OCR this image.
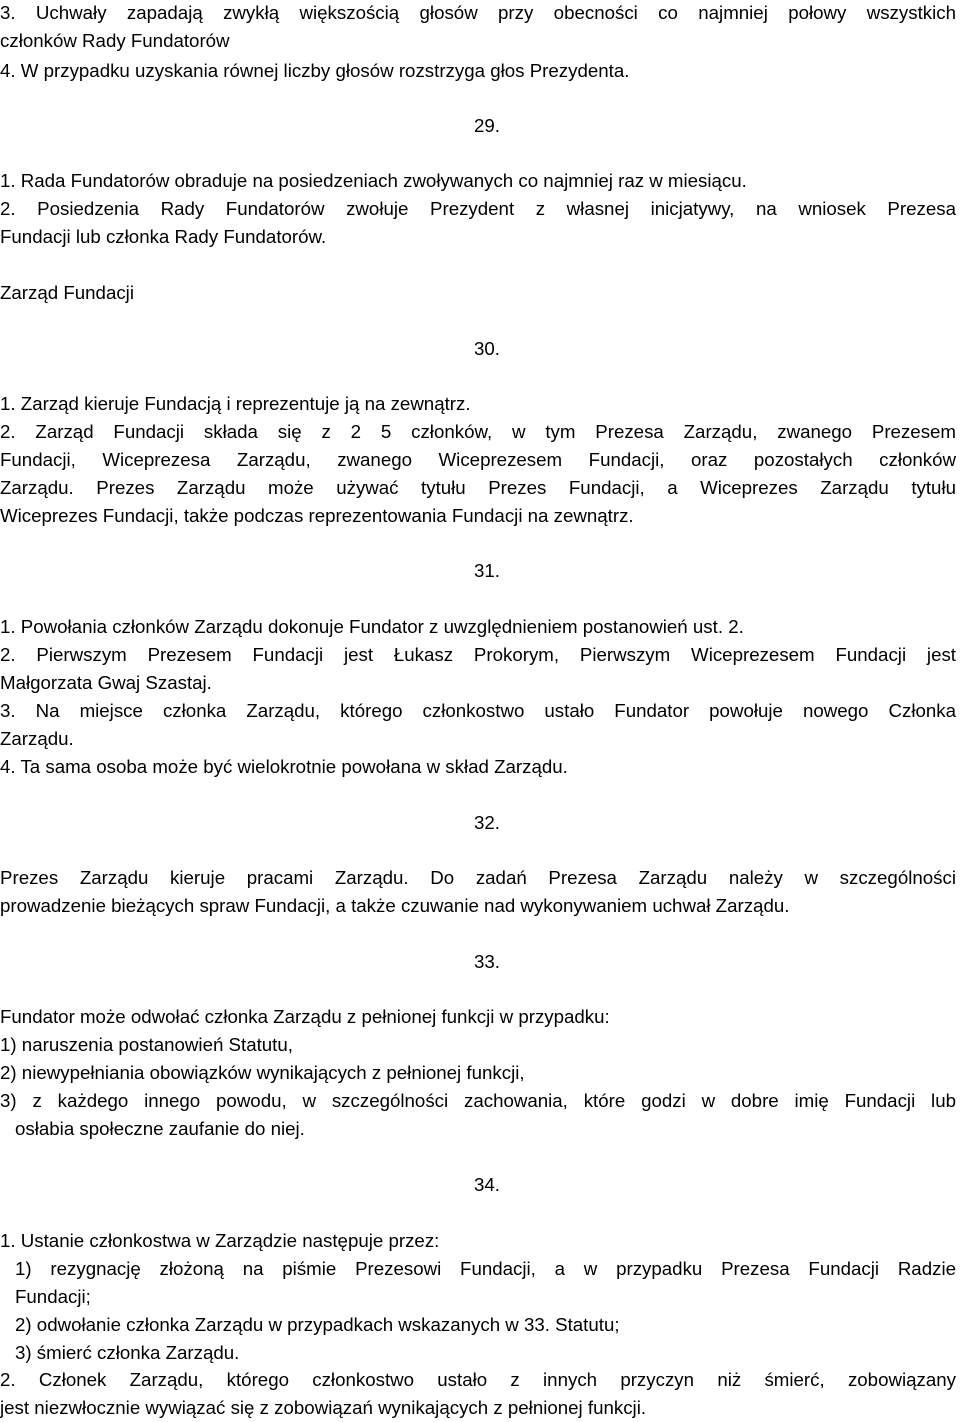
3. Uchwały zapadają zwykłą większością głosów przy obecności co najmniej połowy wszystkich
członków Rady Fundatorów
4. W przypadku uzyskania równej liczby głosów rozstrzyga głos Prezydenta.
29.
1. Rada Fundatorów obraduje na posiedzeniach zwoływanych co najmniej raz w miesiącu.
2. Posiedzenia Rady Fundatorów zwołuje Prezydent z własnej inicjatywy, na wniosek Prezesa
Fundacji lub członka Rady Fundatorów.
Zarząd Fundacji
30.
1. Zarząd kieruje Fundacją i reprezentuje ją na zewnątrz.
2. Zarząd Fundacji składa się z 2 5 członków, w tym Prezesa Zarządu, zwanego Prezesem
Fundacji, Wiceprezesa Zarządu, zwanego Wiceprezesem Fundacji, oraz pozostałych członków
Zarządu. Prezes Zarządu może używać tytułu Prezes Fundacji, a Wiceprezes Zarządu tytułu
Wiceprezes Fundacji, także podczas reprezentowania Fundacji na zewnątrz.
31.
1. Powołania członków Zarządu dokonuje Fundator z uwzględnieniem postanowień ust. 2.
2. Pierwszym Prezesem Fundacji jest Łukasz Prokorym, Pierwszym Wiceprezesem Fundacji jest
Małgorzata Gwaj Szastaj.
3. Na miejsce członka Zarządu, którego członkostwo ustało Fundator powołuje nowego Członka
Zarządu.
4. Ta sama osoba może być wielokrotnie powołana w skład Zarządu.
32.
Prezes Zarządu kieruje pracami Zarządu. Do zadań Prezesa Zarządu należy w szczególności
prowadzenie bieżących spraw Fundacji, a także czuwanie nad wykonywaniem uchwał Zarządu.
33.
Fundator może odwołać członka Zarządu z pełnionej funkcji w przypadku:
1) naruszenia postanowień Statutu,
2) niewypełniania obowiązków wynikających z pełnionej funkcji,
3) z każdego innego powodu, w szczególności zachowania, które godzi w dobre imię Fundacji lub
osłabia społeczne zaufanie do niej.
34.
1. Ustanie członkostwa w Zarządzie następuje przez:
1) rezygnację złożoną na piśmie Prezesowi Fundacji, a w przypadku Prezesa Fundacji Radzie
Fundacji;
2) odwołanie członka Zarządu w przypadkach wskazanych w 33. Statutu;
3) śmierć członka Zarządu.
2. Członek Zarządu, którego członkostwo ustało z innych przyczyn niż śmierć, zobowiązany
jest niezwłocznie wywiązać się z zobowiązań wynikających z pełnionej funkcji.
